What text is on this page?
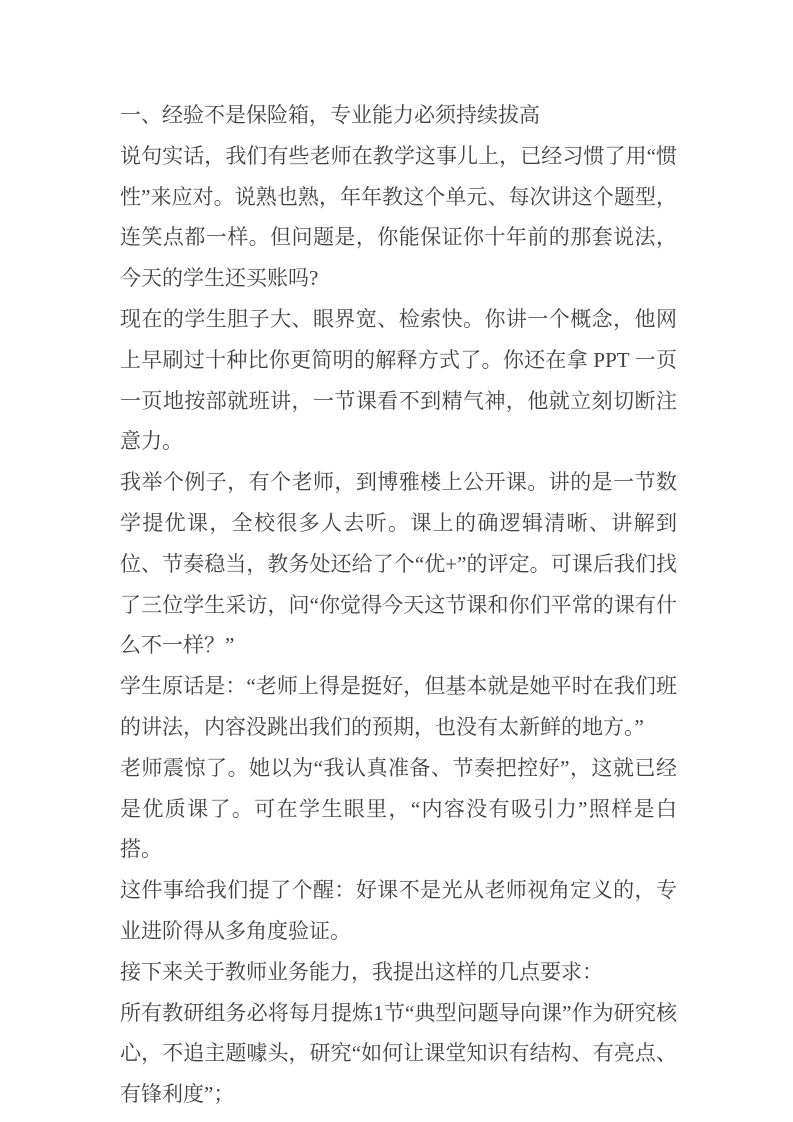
一、经验不是保险箱，专业能力必须持续拔高

说句实话，我们有些老师在教学这事儿上，已经习惯了用“惯性”来应对。说熟也熟，年年教这个单元、每次讲这个题型，连笑点都一样。但问题是，你能保证你十年前的那套说法，今天的学生还买账吗?

现在的学生胆子大、眼界宽、检索快。你讲一个概念，他网上早刷过十种比你更简明的解释方式了。你还在拿 PPT 一页一页地按部就班讲，一节课看不到精气神，他就立刻切断注意力。

我举个例子，有个老师，到博雅楼上公开课。讲的是一节数学提优课，全校很多人去听。课上的确逻辑清晰、讲解到位、节奏稳当，教务处还给了个“优+”的评定。可课后我们找了三位学生采访，问“你觉得今天这节课和你们平常的课有什么不一样？”

学生原话是：“老师上得是挺好，但基本就是她平时在我们班的讲法，内容没跳出我们的预期，也没有太新鲜的地方。”

老师震惊了。她以为“我认真准备、节奏把控好”，这就已经是优质课了。可在学生眼里，“内容没有吸引力”照样是白搭。

这件事给我们提了个醒：好课不是光从老师视角定义的，专业进阶得从多角度验证。

接下来关于教师业务能力，我提出这样的几点要求：

所有教研组务必将每月提炼1节“典型问题导向课”作为研究核心，不追主题噱头，研究“如何让课堂知识有结构、有亮点、有锋利度”；
